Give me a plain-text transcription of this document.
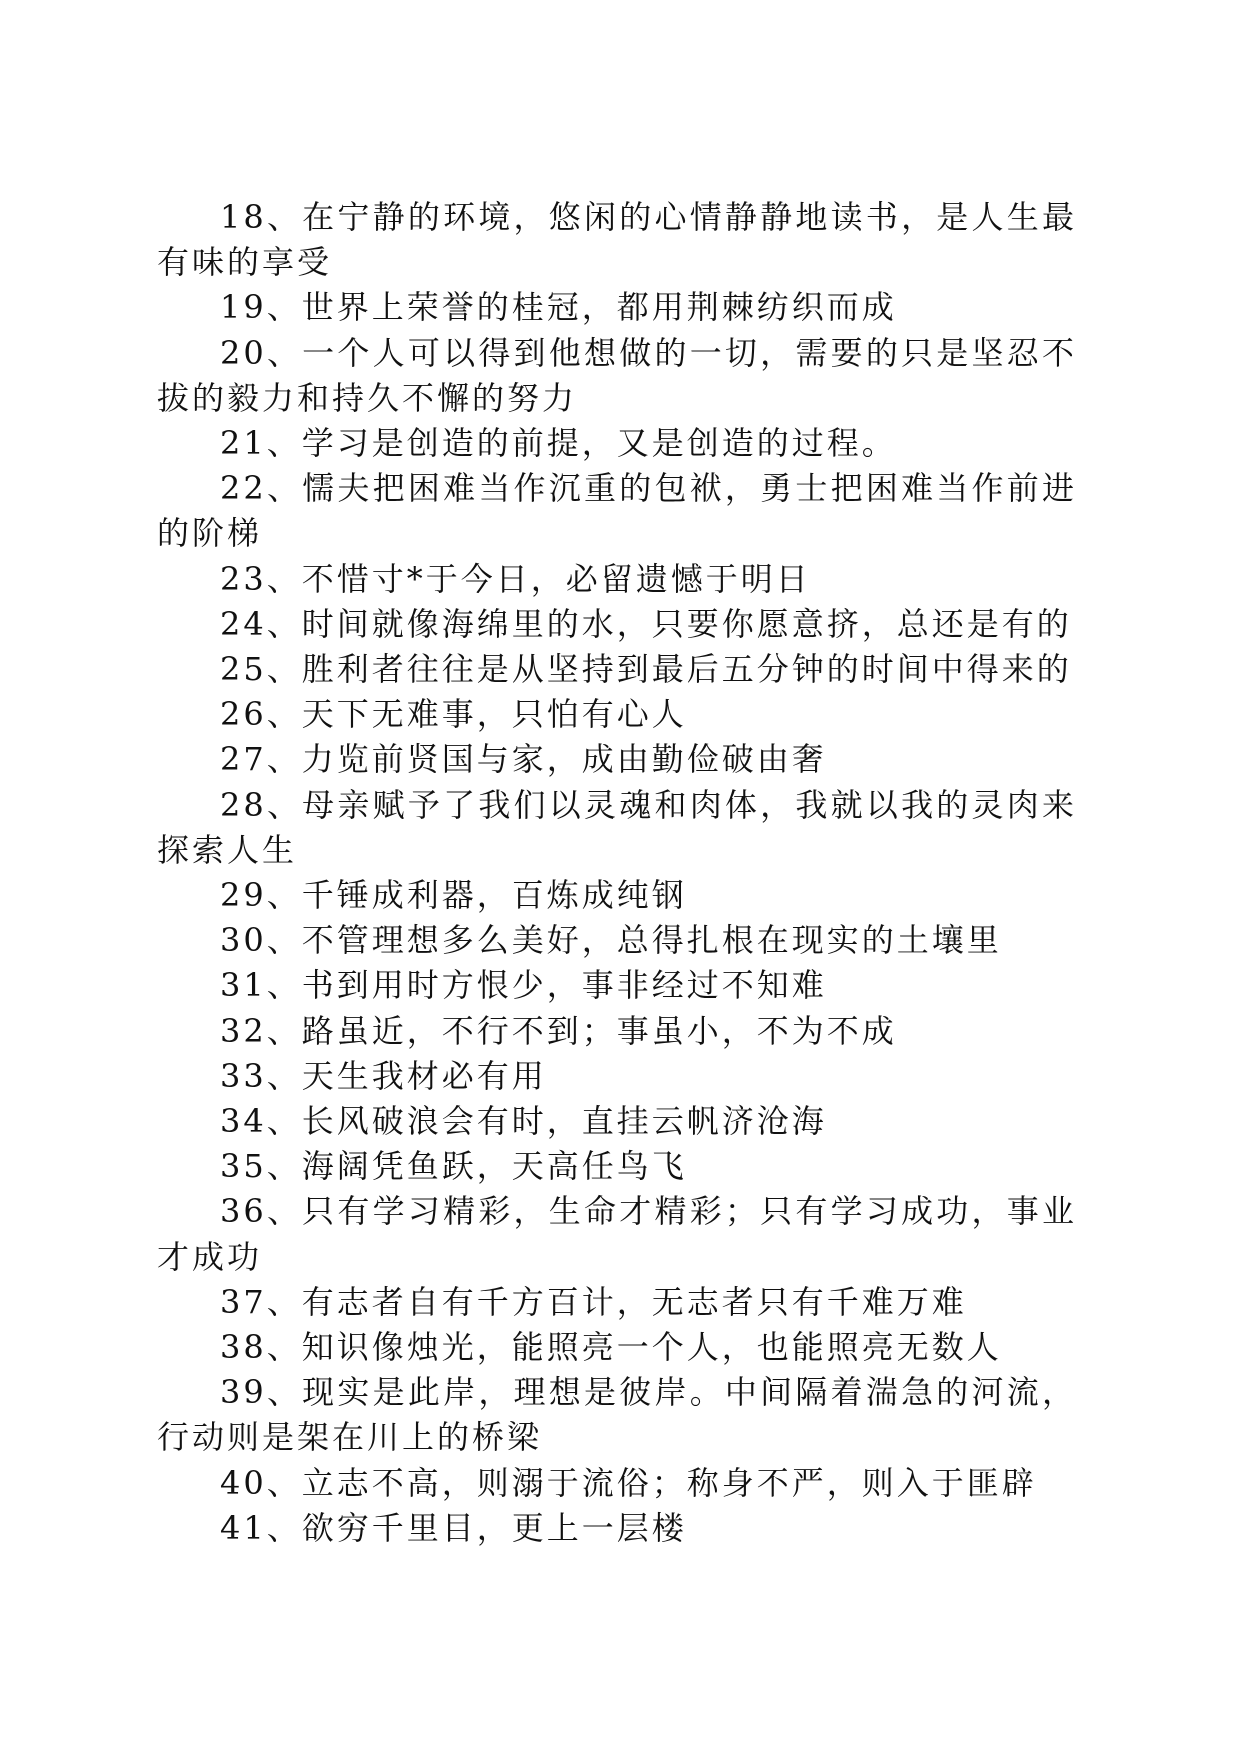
18、在宁静的环境，悠闲的心情静静地读书，是人生最有味的享受

19、世界上荣誉的桂冠，都用荆棘纺织而成

20、一个人可以得到他想做的一切，需要的只是坚忍不拔的毅力和持久不懈的努力

21、学习是创造的前提，又是创造的过程。

22、懦夫把困难当作沉重的包袱，勇士把困难当作前进的阶梯

23、不惜寸*于今日，必留遗憾于明日

24、时间就像海绵里的水，只要你愿意挤，总还是有的

25、胜利者往往是从坚持到最后五分钟的时间中得来的

26、天下无难事，只怕有心人

27、力览前贤国与家，成由勤俭破由奢

28、母亲赋予了我们以灵魂和肉体，我就以我的灵肉来探索人生

29、千锤成利器，百炼成纯钢

30、不管理想多么美好，总得扎根在现实的土壤里

31、书到用时方恨少，事非经过不知难

32、路虽近，不行不到；事虽小，不为不成

33、天生我材必有用

34、长风破浪会有时，直挂云帆济沧海

35、海阔凭鱼跃，天高任鸟飞

36、只有学习精彩，生命才精彩；只有学习成功，事业才成功

37、有志者自有千方百计，无志者只有千难万难

38、知识像烛光，能照亮一个人，也能照亮无数人

39、现实是此岸，理想是彼岸。中间隔着湍急的河流，行动则是架在川上的桥梁

40、立志不高，则溺于流俗；称身不严，则入于匪辟

41、欲穷千里目，更上一层楼
